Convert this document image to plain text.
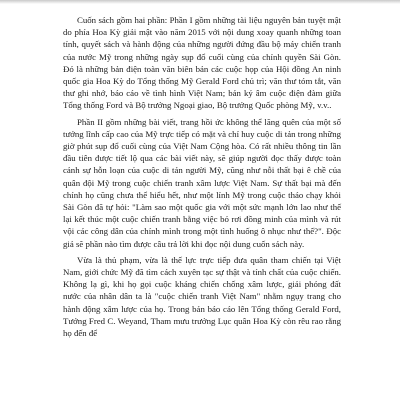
Cuốn sách gồm hai phần: Phần I gồm những tài liệu nguyên bản tuyệt mật do phía Hoa Kỳ giải mật vào năm 2015 với nội dung xoay quanh những toan tính, quyết sách và hành động của những người đứng đầu bộ máy chiến tranh của nước Mỹ trong những ngày sụp đổ cuối cùng của chính quyền Sài Gòn. Đó là những bản điện toàn văn biên bản các cuộc họp của Hội đồng An ninh quốc gia Hoa Kỳ do Tổng thống Mỹ Gerald Ford chủ trì; văn thư tóm tắt, văn thư ghi nhớ, báo cáo về tình hình Việt Nam; bản ký âm cuộc điện đàm giữa Tổng thống Ford và Bộ trưởng Ngoại giao, Bộ trưởng Quốc phòng Mỹ, v.v..

Phần II gồm những bài viết, trang hồi ức không thể lãng quên của một số tướng lĩnh cấp cao của Mỹ trực tiếp có mặt và chỉ huy cuộc di tản trong những giờ phút sụp đổ cuối cùng của Việt Nam Cộng hòa. Có rất nhiều thông tin lần đầu tiên được tiết lộ qua các bài viết này, sẽ giúp người đọc thấy được toàn cảnh sự hỗn loạn của cuộc di tản người Mỹ, cũng như nỗi thất bại ê chề của quân đội Mỹ trong cuộc chiến tranh xâm lược Việt Nam. Sự thất bại mà đến chính họ cũng chưa thể hiểu hết, như một lính Mỹ trong cuộc tháo chạy khỏi Sài Gòn đã tự hỏi: "Làm sao một quốc gia với một sức mạnh lớn lao như thế lại kết thúc một cuộc chiến tranh bằng việc bỏ rơi đồng minh của mình và rút vội các công dân của chính mình trong một tình huống ô nhục như thế?". Độc giả sẽ phần nào tìm được câu trả lời khi đọc nội dung cuốn sách này.

Vừa là thủ phạm, vừa là thế lực trực tiếp đưa quân tham chiến tại Việt Nam, giới chức Mỹ đã tìm cách xuyên tạc sự thật và tính chất của cuộc chiến. Không lạ gì, khi họ gọi cuộc kháng chiến chống xâm lược, giải phóng đất nước của nhân dân ta là "cuộc chiến tranh Việt Nam" nhằm ngụy trang cho hành động xâm lược của họ. Trong bản báo cáo lên Tổng thống Gerald Ford, Tướng Fred C. Weyand, Tham mưu trưởng Lục quân Hoa Kỳ còn rêu rao rằng họ đến để
